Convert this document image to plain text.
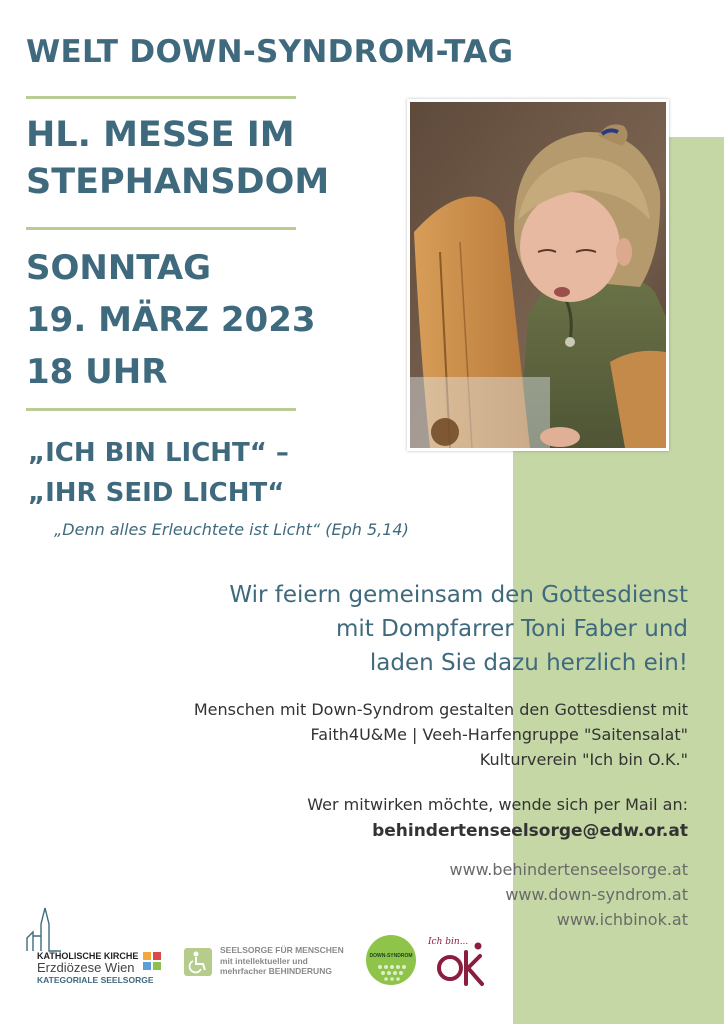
WELT DOWN-SYNDROM-TAG
HL. MESSE IM
STEPHANSDOM
SONNTAG
19. MÄRZ 2023
18 UHR
„ICH BIN LICHT“ –
„IHR SEID LICHT“
„Denn alles Erleuchtete ist Licht“ (Eph 5,14)
Wir feiern gemeinsam den Gottesdienst
mit Dompfarrer Toni Faber und
laden Sie dazu herzlich ein!
Menschen mit Down-Syndrom gestalten den Gottesdienst mit
Faith4U&Me | Veeh-Harfengruppe "Saitensalat"
Kulturverein "Ich bin O.K."
Wer mitwirken möchte, wende sich per Mail an:
behindertenseelsorge@edw.or.at
www.behindertenseelsorge.at
www.down-syndrom.at
www.ichbinok.at
KATHOLISCHE KIRCHE
Erzdiözese Wien
KATEGORIALE SEELSORGE
SEELSORGE FÜR MENSCHEN
mit intellektueller und
mehrfacher BEHINDERUNG
DOWN-SYNDROM
Ich bin...
